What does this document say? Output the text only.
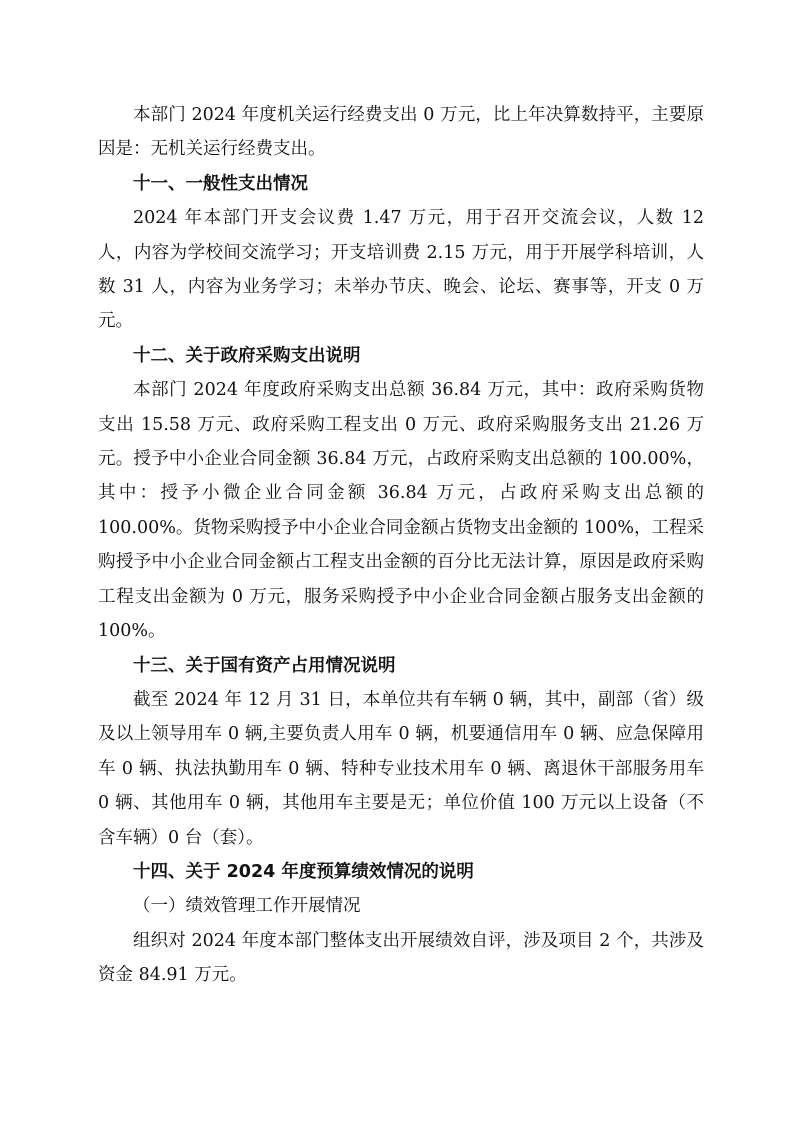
本部门 2024 年度机关运行经费支出 0 万元，比上年决算数持平，主要原因是：无机关运行经费支出。

十一、一般性支出情况

2024 年本部门开支会议费 1.47 万元，用于召开交流会议，人数 12 人，内容为学校间交流学习；开支培训费 2.15 万元，用于开展学科培训，人数 31 人，内容为业务学习；未举办节庆、晚会、论坛、赛事等，开支 0 万元。

十二、关于政府采购支出说明

本部门 2024 年度政府采购支出总额 36.84 万元，其中：政府采购货物支出 15.58 万元、政府采购工程支出 0 万元、政府采购服务支出 21.26 万元。授予中小企业合同金额 36.84 万元，占政府采购支出总额的 100.00%，其中：授予小微企业合同金额 36.84 万元，占政府采购支出总额的 100.00%。货物采购授予中小企业合同金额占货物支出金额的 100%，工程采购授予中小企业合同金额占工程支出金额的百分比无法计算，原因是政府采购工程支出金额为 0 万元，服务采购授予中小企业合同金额占服务支出金额的 100%。

十三、关于国有资产占用情况说明

截至 2024 年 12 月 31 日，本单位共有车辆 0 辆，其中，副部（省）级及以上领导用车 0 辆,主要负责人用车 0 辆，机要通信用车 0 辆、应急保障用车 0 辆、执法执勤用车 0 辆、特种专业技术用车 0 辆、离退休干部服务用车 0 辆、其他用车 0 辆，其他用车主要是无；单位价值 100 万元以上设备（不含车辆）0 台（套）。

十四、关于 2024 年度预算绩效情况的说明
（一）绩效管理工作开展情况

组织对 2024 年度本部门整体支出开展绩效自评，涉及项目 2 个，共涉及资金 84.91 万元。
